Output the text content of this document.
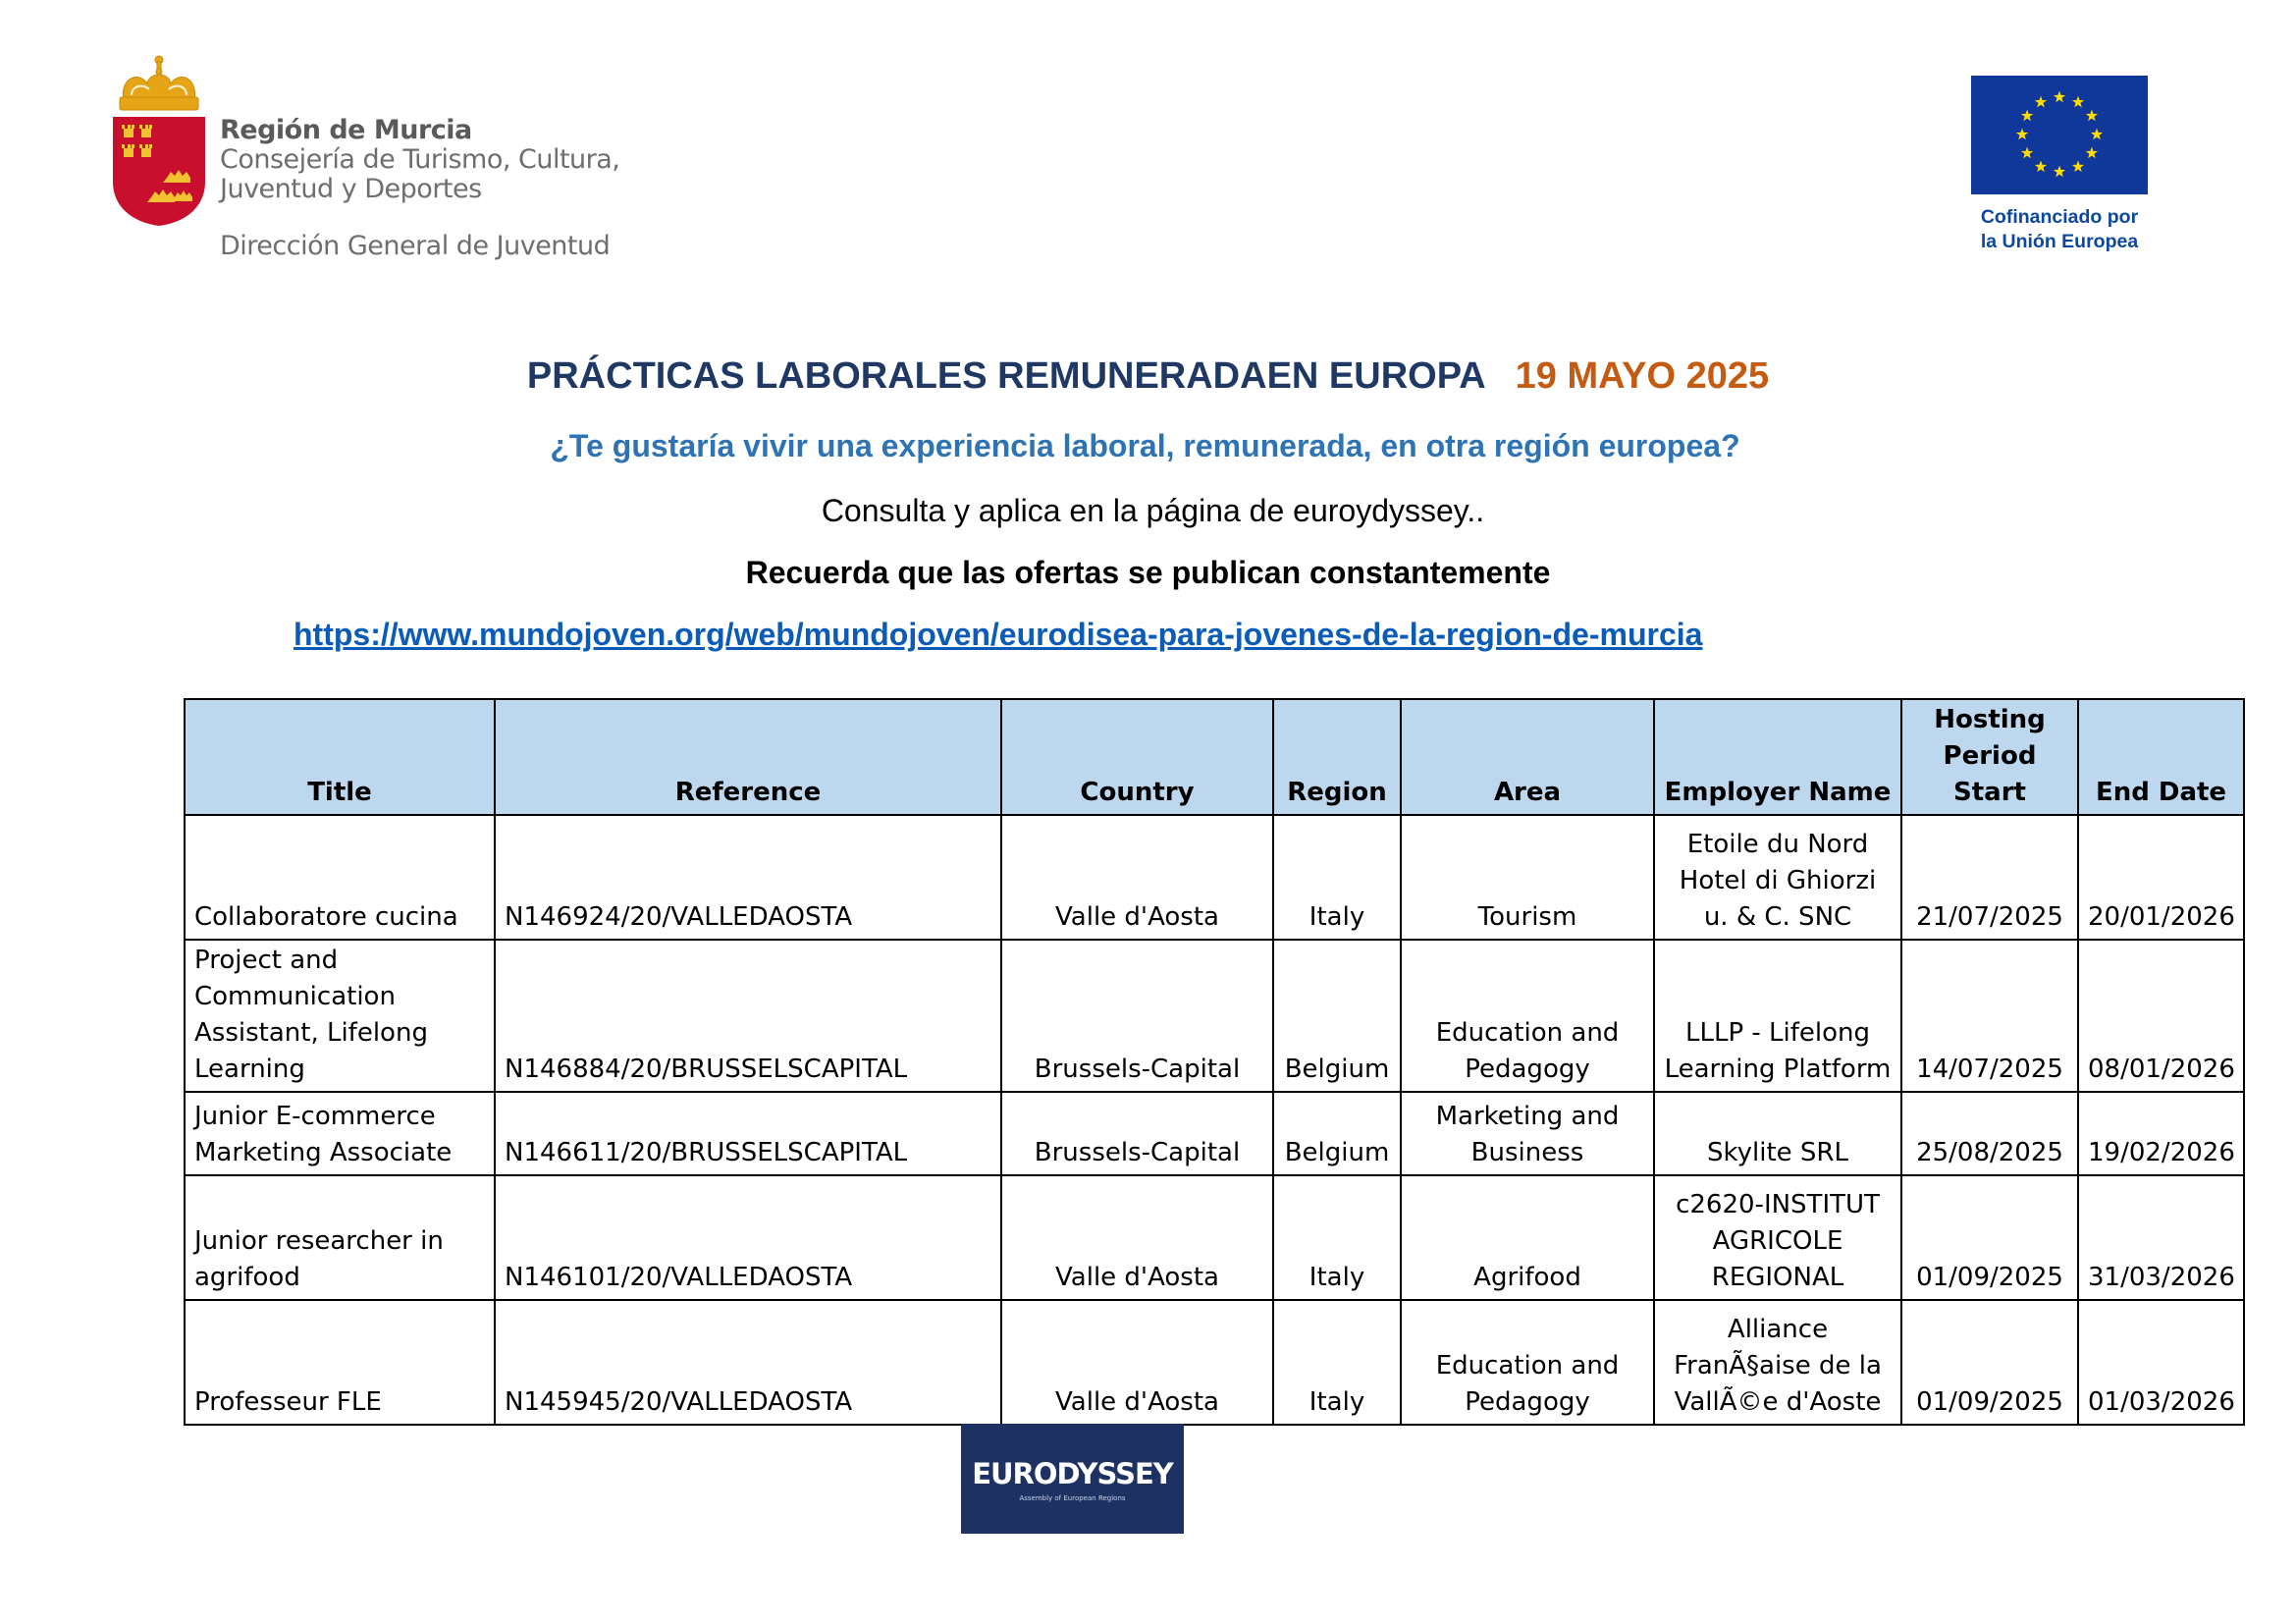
Región de Murcia
Consejería de Turismo, Cultura,
Juventud y Deportes
Dirección General de Juventud
Cofinanciado por
la Unión Europea
PRÁCTICAS LABORALES REMUNERADAEN EUROPA 19 MAYO 2025
¿Te gustaría vivir una experiencia laboral, remunerada, en otra región europea?
Consulta y aplica en la página de euroydyssey..
Recuerda que las ofertas se publican constantemente
https://www.mundojoven.org/web/mundojoven/eurodisea-para-jovenes-de-la-region-de-murcia
Title	Reference	Country	Region	Area	Employer Name	Hosting Period Start	End Date
Collaboratore cucina	N146924/20/VALLEDAOSTA	Valle d'Aosta	Italy	Tourism	Etoile du Nord Hotel di Ghiorzi u. & C. SNC	21/07/2025	20/01/2026
Project and Communication Assistant, Lifelong Learning	N146884/20/BRUSSELSCAPITAL	Brussels-Capital	Belgium	Education and Pedagogy	LLLP - Lifelong Learning Platform	14/07/2025	08/01/2026
Junior E-commerce Marketing Associate	N146611/20/BRUSSELSCAPITAL	Brussels-Capital	Belgium	Marketing and Business	Skylite SRL	25/08/2025	19/02/2026
Junior researcher in agrifood	N146101/20/VALLEDAOSTA	Valle d'Aosta	Italy	Agrifood	c2620-INSTITUT AGRICOLE REGIONAL	01/09/2025	31/03/2026
Professeur FLE	N145945/20/VALLEDAOSTA	Valle d'Aosta	Italy	Education and Pedagogy	Alliance FranÃ§aise de la VallÃ©e d'Aoste	01/09/2025	01/03/2026
EURODYSSEY
Assembly of European Regions
